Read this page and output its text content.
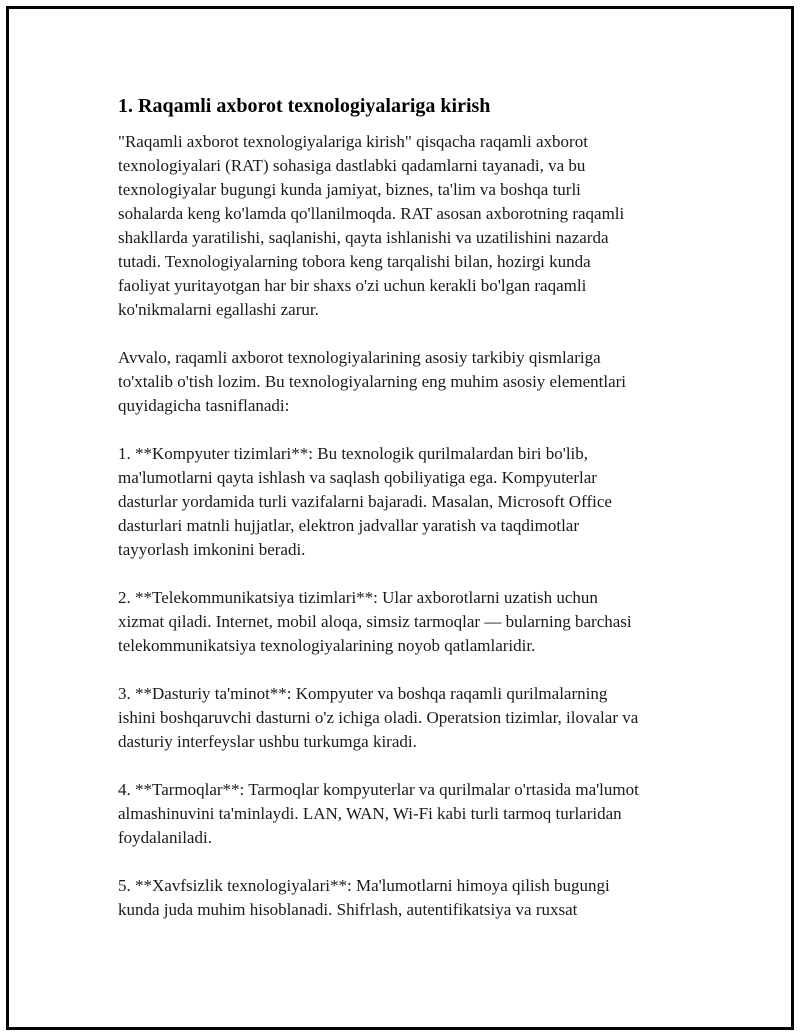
1. Raqamli axborot texnologiyalariga kirish
"Raqamli axborot texnologiyalariga kirish" qisqacha raqamli axborot
texnologiyalari (RAT) sohasiga dastlabki qadamlarni tayanadi, va bu
texnologiyalar bugungi kunda jamiyat, biznes, ta'lim va boshqa turli
sohalarda keng ko'lamda qo'llanilmoqda. RAT asosan axborotning raqamli
shakllarda yaratilishi, saqlanishi, qayta ishlanishi va uzatilishini nazarda
tutadi. Texnologiyalarning tobora keng tarqalishi bilan, hozirgi kunda
faoliyat yuritayotgan har bir shaxs o'zi uchun kerakli bo'lgan raqamli
ko'nikmalarni egallashi zarur.
Avvalo, raqamli axborot texnologiyalarining asosiy tarkibiy qismlariga
to'xtalib o'tish lozim. Bu texnologiyalarning eng muhim asosiy elementlari
quyidagicha tasniflanadi:
1. **Kompyuter tizimlari**: Bu texnologik qurilmalardan biri bo'lib,
ma'lumotlarni qayta ishlash va saqlash qobiliyatiga ega. Kompyuterlar
dasturlar yordamida turli vazifalarni bajaradi. Masalan, Microsoft Office
dasturlari matnli hujjatlar, elektron jadvallar yaratish va taqdimotlar
tayyorlash imkonini beradi.
2. **Telekommunikatsiya tizimlari**: Ular axborotlarni uzatish uchun
xizmat qiladi. Internet, mobil aloqa, simsiz tarmoqlar — bularning barchasi
telekommunikatsiya texnologiyalarining noyob qatlamlaridir.
3. **Dasturiy ta'minot**: Kompyuter va boshqa raqamli qurilmalarning
ishini boshqaruvchi dasturni o'z ichiga oladi. Operatsion tizimlar, ilovalar va
dasturiy interfeyslar ushbu turkumga kiradi.
4. **Tarmoqlar**: Tarmoqlar kompyuterlar va qurilmalar o'rtasida ma'lumot
almashinuvini ta'minlaydi. LAN, WAN, Wi-Fi kabi turli tarmoq turlaridan
foydalaniladi.
5. **Xavfsizlik texnologiyalari**: Ma'lumotlarni himoya qilish bugungi
kunda juda muhim hisoblanadi. Shifrlash, autentifikatsiya va ruxsat
